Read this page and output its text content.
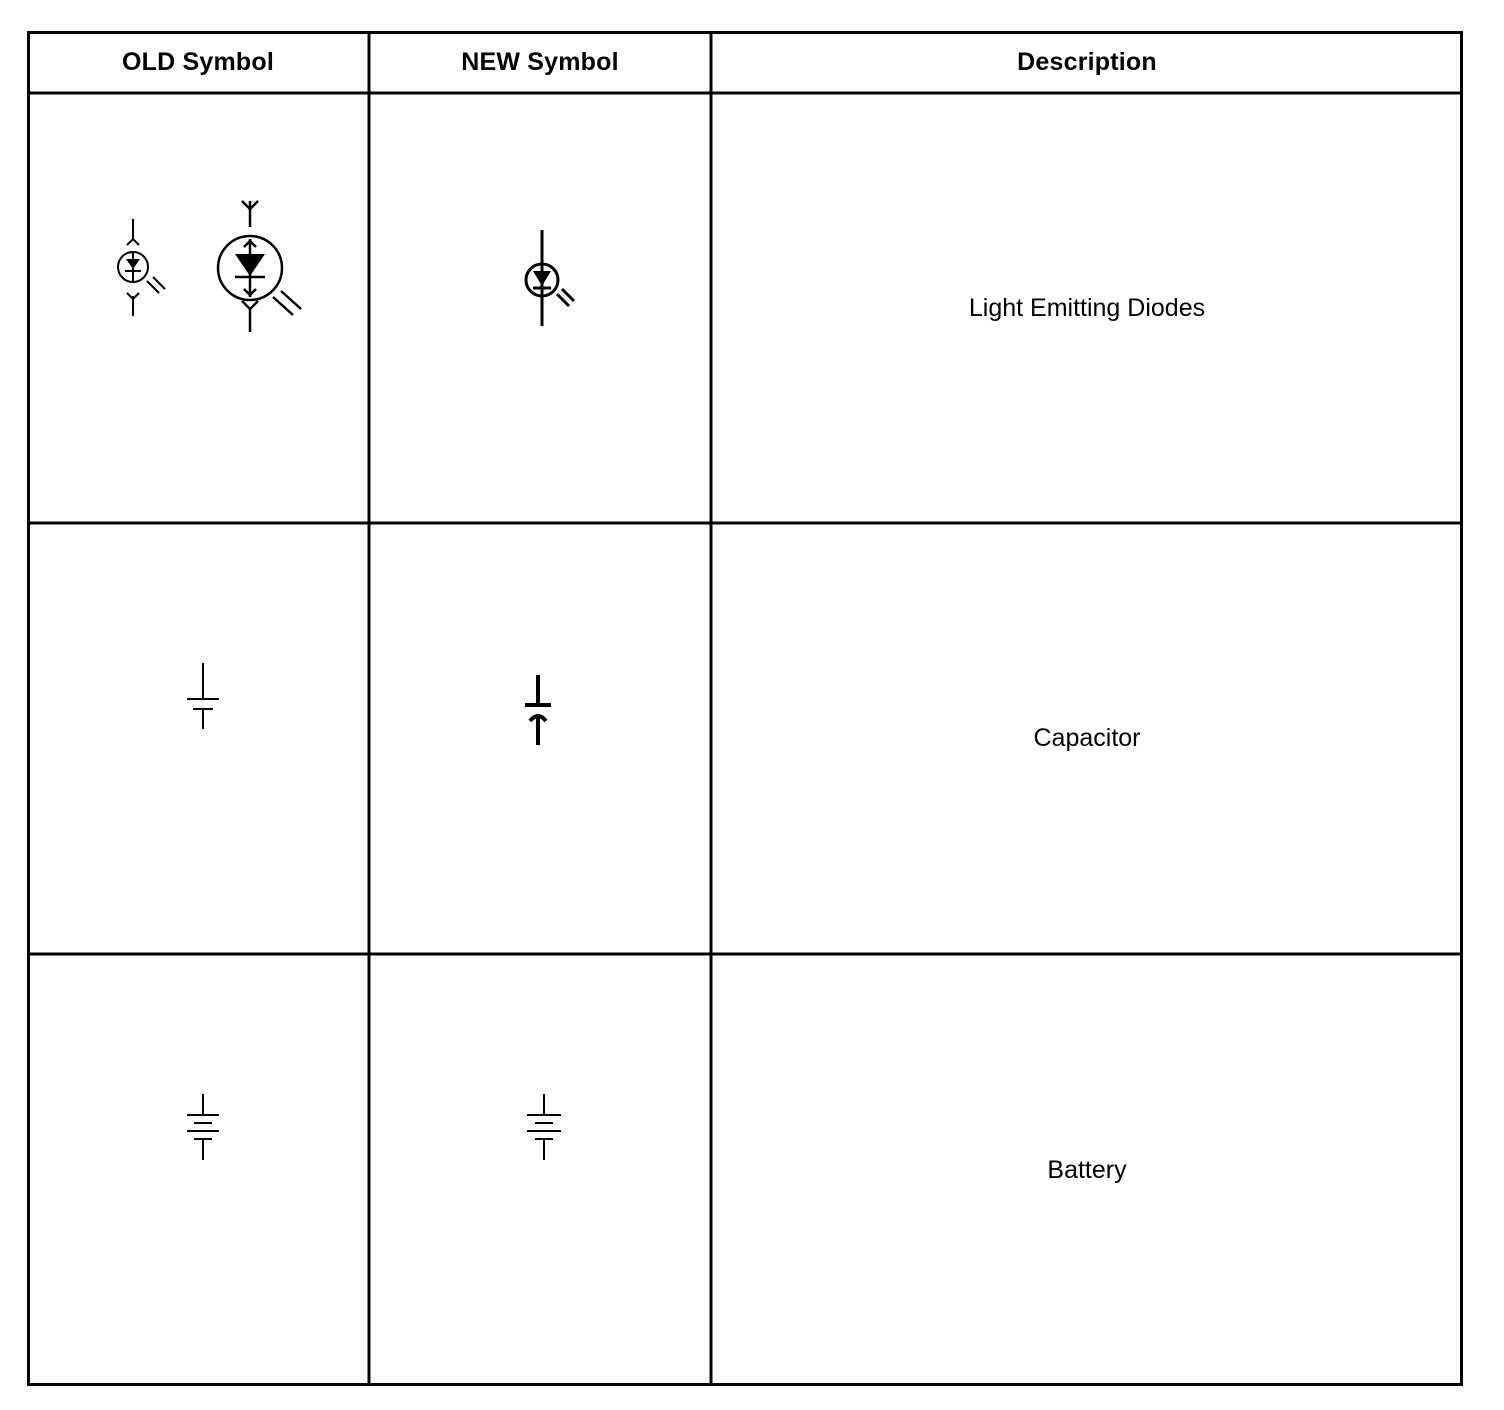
OLD Symbol	NEW Symbol	Description
Light Emitting Diodes
Capacitor
Battery
